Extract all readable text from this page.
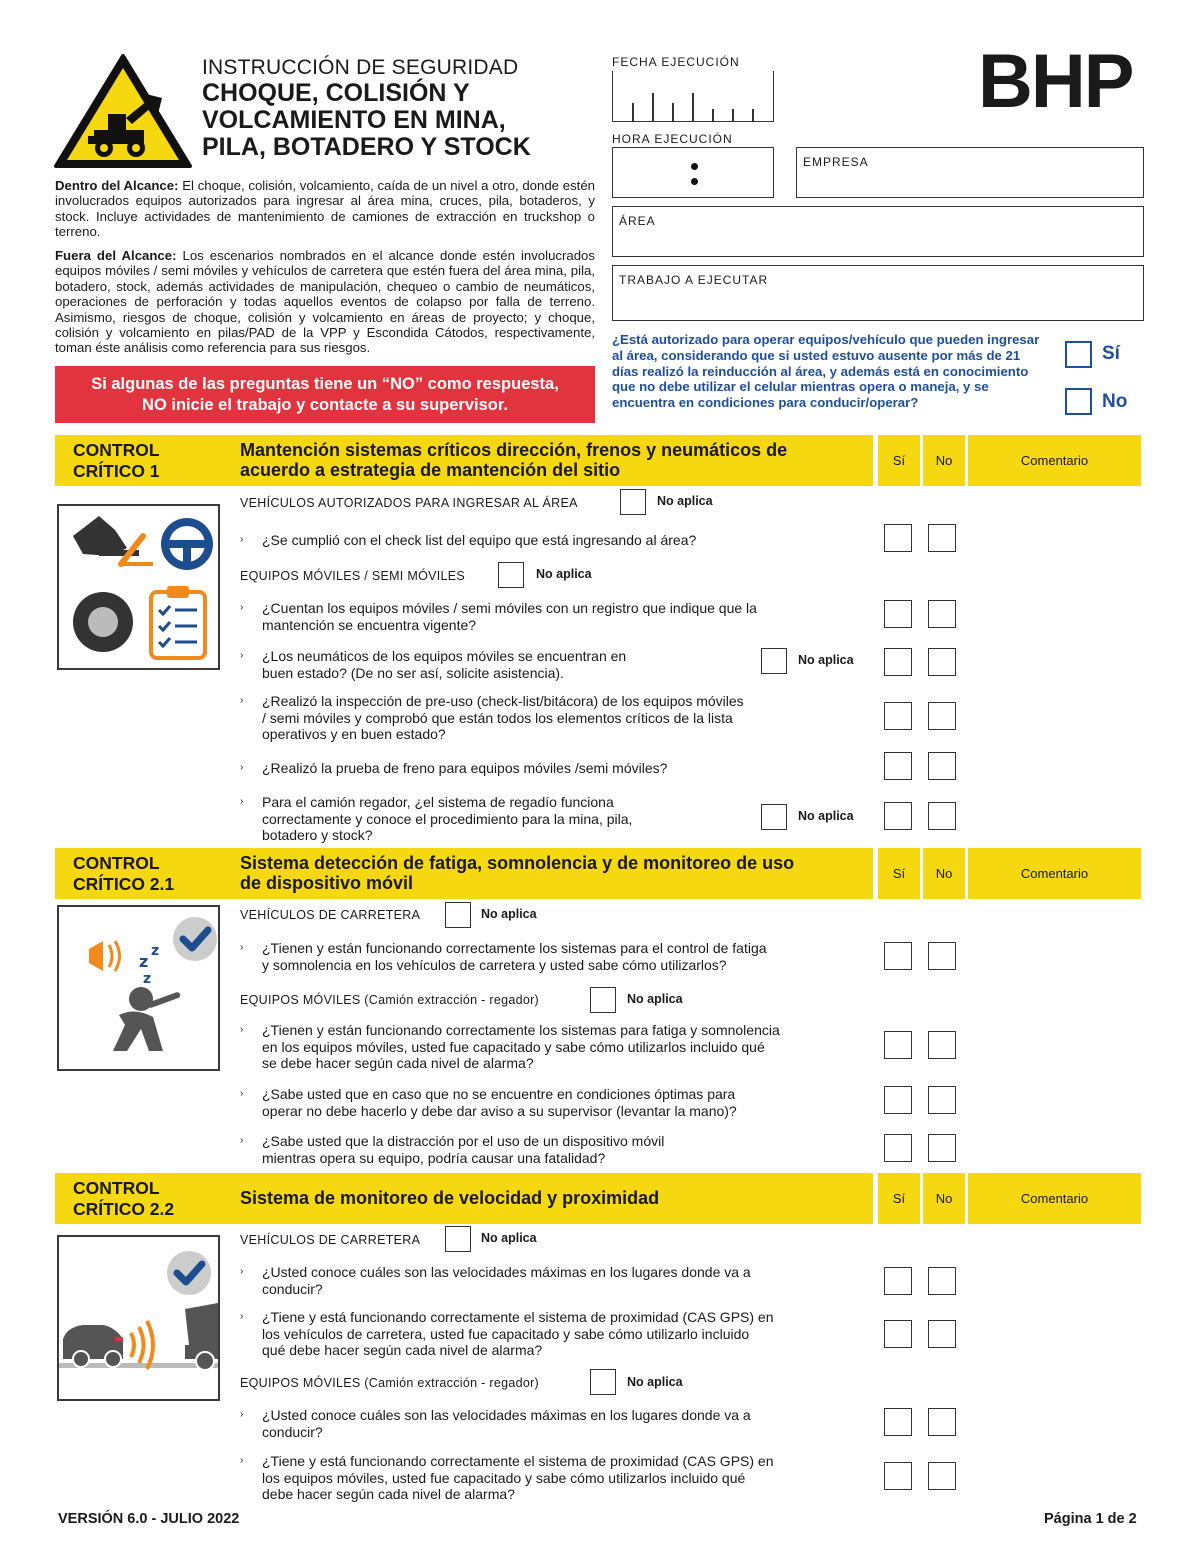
INSTRUCCIÓN DE SEGURIDAD
CHOQUE, COLISIÓN Y
VOLCAMIENTO EN MINA,
PILA, BOTADERO Y STOCK
Dentro del Alcance: El choque, colisión, volcamiento, caída de un nivel a otro, donde estén involucrados equipos autorizados para ingresar al área mina, cruces, pila, botaderos, y stock. Incluye actividades de mantenimiento de camiones de extracción en truckshop o terreno.
Fuera del Alcance: Los escenarios nombrados en el alcance donde estén involucrados equipos móviles / semi móviles y vehículos de carretera que estén fuera del área mina, pila, botadero, stock, además actividades de manipulación, chequeo o cambio de neumáticos, operaciones de perforación y todas aquellos eventos de colapso por falla de terreno. Asimismo, riesgos de choque, colisión y volcamiento en áreas de proyecto; y choque, colisión y volcamiento en pilas/PAD de la VPP y Escondida Cátodos, respectivamente, toman éste análisis como referencia para sus riesgos.
Si algunas de las preguntas tiene un “NO” como respuesta,
NO inicie el trabajo y contacte a su supervisor.
FECHA EJECUCIÓN
HORA EJECUCIÓN
EMPRESA
ÁREA
TRABAJO A EJECUTAR
BHP
¿Está autorizado para operar equipos/vehículo que pueden ingresar al área, considerando que si usted estuvo ausente por más de 21 días realizó la reinducción al área, y además está en conocimiento que no debe utilizar el celular mientras opera o maneja, y se encuentra en condiciones para conducir/operar?
Sí
No
CONTROL
CRÍTICO 1
Mantención sistemas críticos dirección, frenos y neumáticos de
acuerdo a estrategia de mantención del sitio	Sí	No	Comentario
VEHÍCULOS AUTORIZADOS PARA INGRESAR AL ÁREA	No aplica
› ¿Se cumplió con el check list del equipo que está ingresando al área?
EQUIPOS MÓVILES / SEMI MÓVILES	No aplica
› ¿Cuentan los equipos móviles / semi móviles con un registro que indique que la
mantención se encuentra vigente?
› ¿Los neumáticos de los equipos móviles se encuentran en
buen estado? (De no ser así, solicite asistencia).
No aplica
› ¿Realizó la inspección de pre-uso (check-list/bitácora) de los equipos móviles
/ semi móviles y comprobó que están todos los elementos críticos de la lista
operativos y en buen estado?
› ¿Realizó la prueba de freno para equipos móviles /semi móviles?
› Para el camión regador, ¿el sistema de regadío funciona
correctamente y conoce el procedimiento para la mina, pila,
botadero y stock?
No aplica
CONTROL
CRÍTICO 2.1
Sistema detección de fatiga, somnolencia y de monitoreo de uso
de dispositivo móvil	Sí	No	Comentario
z
z
z
VEHÍCULOS DE CARRETERA	No aplica
› ¿Tienen y están funcionando correctamente los sistemas para el control de fatiga
y somnolencia en los vehículos de carretera y usted sabe cómo utilizarlos?
EQUIPOS MÓVILES (Camión extracción - regador)	No aplica
› ¿Tienen y están funcionando correctamente los sistemas para fatiga y somnolencia
en los equipos móviles, usted fue capacitado y sabe cómo utilizarlos incluido qué
se debe hacer según cada nivel de alarma?
› ¿Sabe usted que en caso que no se encuentre en condiciones óptimas para
operar no debe hacerlo y debe dar aviso a su supervisor (levantar la mano)?
› ¿Sabe usted que la distracción por el uso de un dispositivo móvil
mientras opera su equipo, podría causar una fatalidad?
CONTROL
CRÍTICO 2.2
Sistema de monitoreo de velocidad y proximidad	Sí	No	Comentario
VEHÍCULOS DE CARRETERA	No aplica
› ¿Usted conoce cuáles son las velocidades máximas en los lugares donde va a
conducir?
› ¿Tiene y está funcionando correctamente el sistema de proximidad (CAS GPS) en
los vehículos de carretera, usted fue capacitado y sabe cómo utilizarlo incluido
qué debe hacer según cada nivel de alarma?
EQUIPOS MÓVILES (Camión extracción - regador)	No aplica
› ¿Usted conoce cuáles son las velocidades máximas en los lugares donde va a
conducir?
› ¿Tiene y está funcionando correctamente el sistema de proximidad (CAS GPS) en
los equipos móviles, usted fue capacitado y sabe cómo utilizarlos incluido qué
debe hacer según cada nivel de alarma?
VERSIÓN 6.0 - JULIO 2022	Página 1 de 2
